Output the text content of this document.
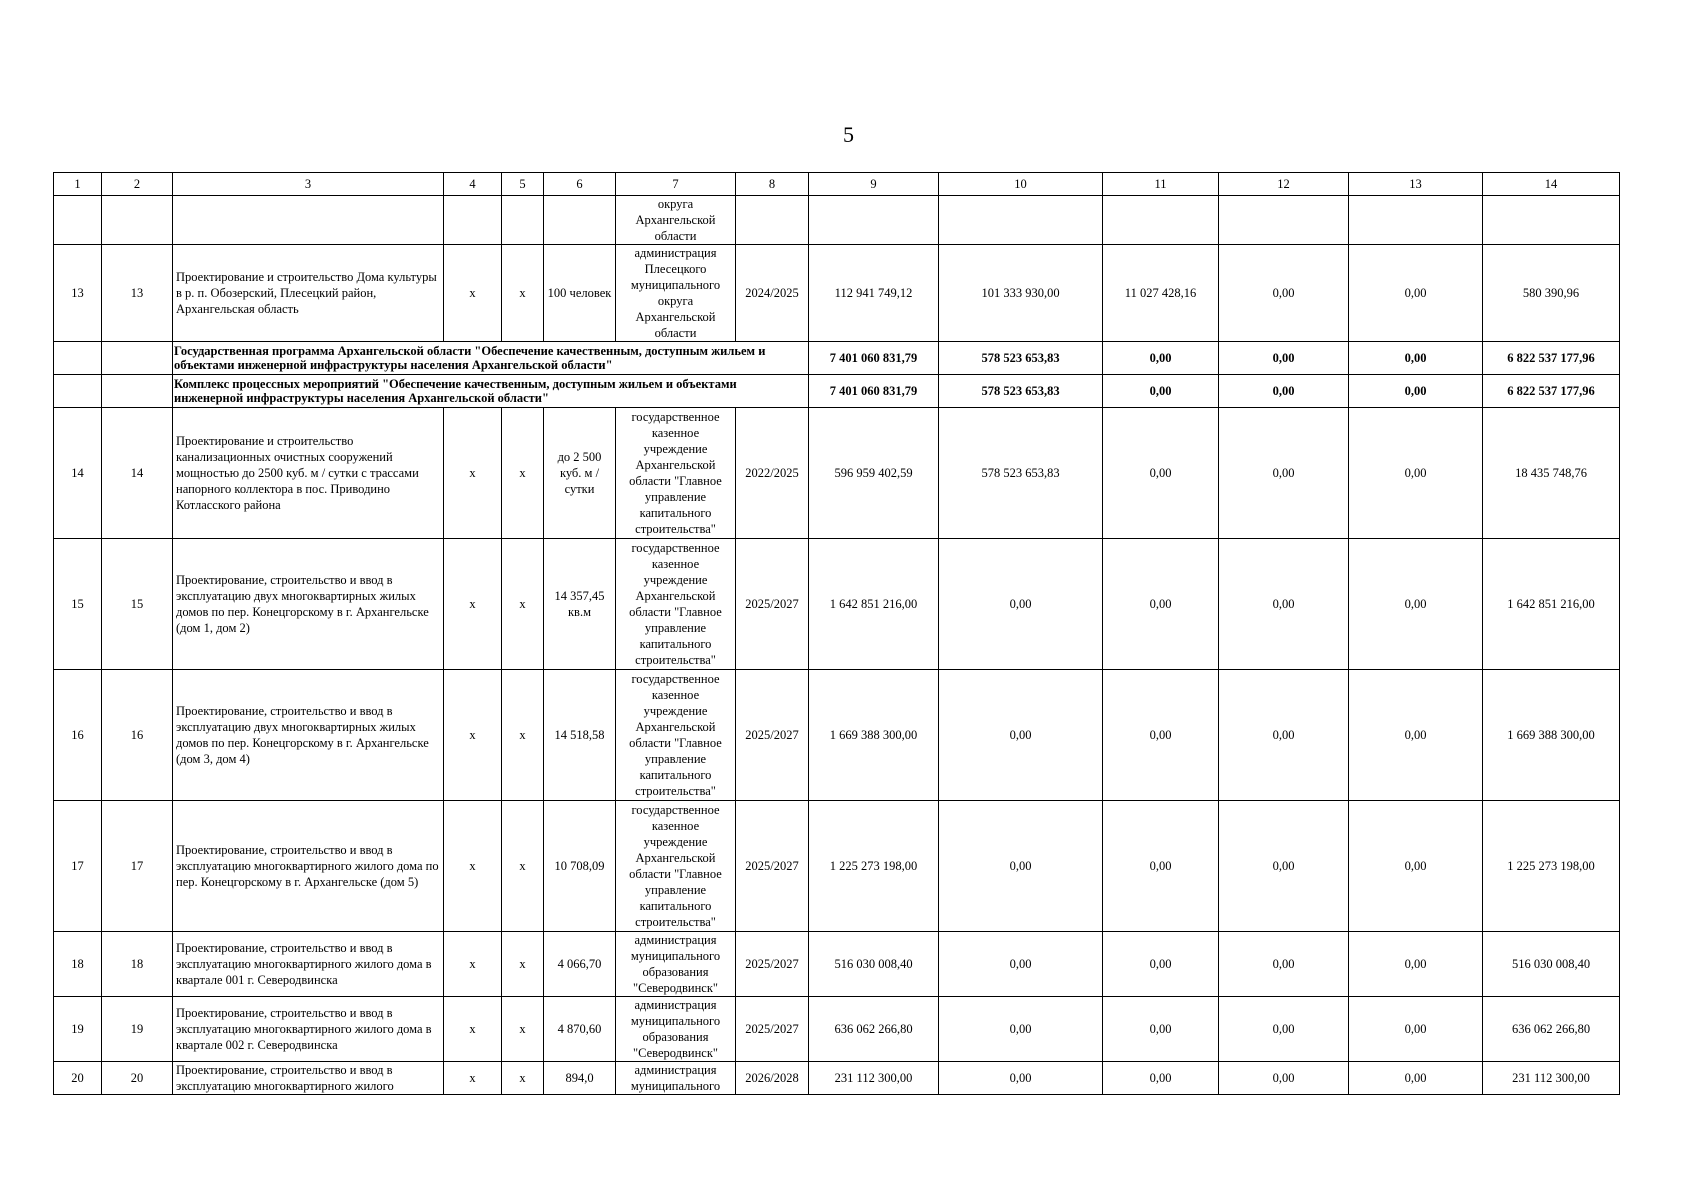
5
1	2	3	4	5	6	7	8	9	10	11	12	13	14
						округа Архангельской области							
13	13	Проектирование и строительство Дома культуры в р. п. Обозерский, Плесецкий район, Архангельская область	х	х	100 человек	администрация Плесецкого муниципального округа Архангельской области	2024/2025	112 941 749,12	101 333 930,00	11 027 428,16	0,00	0,00	580 390,96
		Государственная программа Архангельской области "Обеспечение качественным, доступным жильем и объектами инженерной инфраструктуры населения Архангельской области"						7 401 060 831,79	578 523 653,83	0,00	0,00	0,00	6 822 537 177,96
		Комплекс процессных мероприятий "Обеспечение качественным, доступным жильем и объектами инженерной инфраструктуры населения Архангельской области"						7 401 060 831,79	578 523 653,83	0,00	0,00	0,00	6 822 537 177,96
14	14	Проектирование и строительство канализационных очистных сооружений мощностью до 2500 куб. м / сутки с трассами напорного коллектора в пос. Приводино Котласского района	х	х	до 2 500 куб. м / сутки	государственное казенное учреждение Архангельской области "Главное управление капитального строительства"	2022/2025	596 959 402,59	578 523 653,83	0,00	0,00	0,00	18 435 748,76
15	15	Проектирование, строительство и ввод в эксплуатацию двух многоквартирных жилых домов по пер. Конецгорскому в г. Архангельске (дом 1, дом 2)	х	х	14 357,45 кв.м	государственное казенное учреждение Архангельской области "Главное управление капитального строительства"	2025/2027	1 642 851 216,00	0,00	0,00	0,00	0,00	1 642 851 216,00
16	16	Проектирование, строительство и ввод в эксплуатацию двух многоквартирных жилых домов по пер. Конецгорскому в г. Архангельске (дом 3, дом 4)	х	х	14 518,58	государственное казенное учреждение Архангельской области "Главное управление капитального строительства"	2025/2027	1 669 388 300,00	0,00	0,00	0,00	0,00	1 669 388 300,00
17	17	Проектирование, строительство и ввод в эксплуатацию многоквартирного жилого дома по пер. Конецгорскому в г. Архангельске (дом 5)	х	х	10 708,09	государственное казенное учреждение Архангельской области "Главное управление капитального строительства"	2025/2027	1 225 273 198,00	0,00	0,00	0,00	0,00	1 225 273 198,00
18	18	Проектирование, строительство и ввод в эксплуатацию многоквартирного жилого дома в квартале 001 г. Северодвинска	х	х	4 066,70	администрация муниципального образования "Северодвинск"	2025/2027	516 030 008,40	0,00	0,00	0,00	0,00	516 030 008,40
19	19	Проектирование, строительство и ввод в эксплуатацию многоквартирного жилого дома в квартале 002 г. Северодвинска	х	х	4 870,60	администрация муниципального образования "Северодвинск"	2025/2027	636 062 266,80	0,00	0,00	0,00	0,00	636 062 266,80
20	20	Проектирование, строительство и ввод в эксплуатацию многоквартирного жилого	х	х	894,0	администрация муниципального	2026/2028	231 112 300,00	0,00	0,00	0,00	0,00	231 112 300,00
